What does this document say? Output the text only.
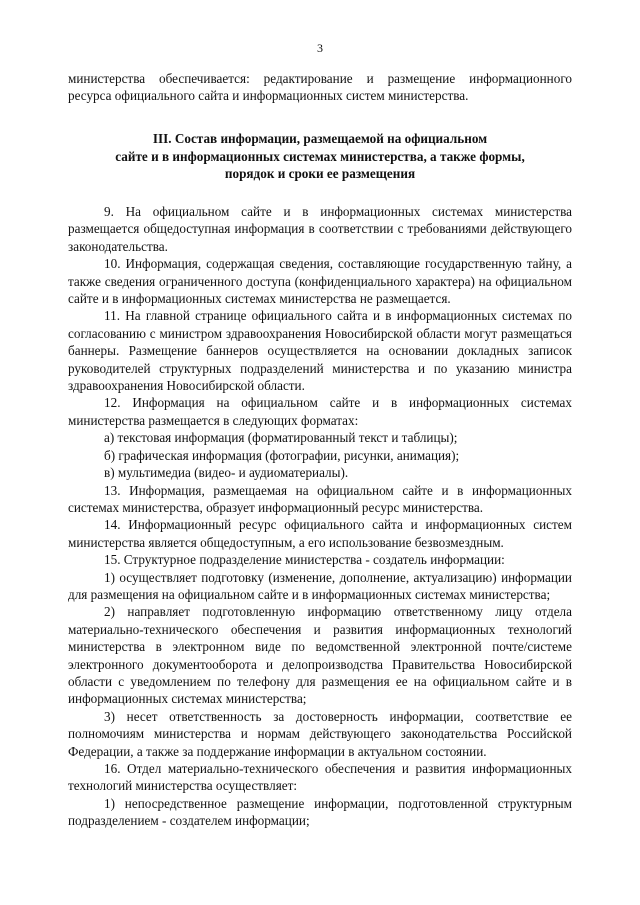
3

министерства обеспечивается: редактирование и размещение информационного

ресурса официального сайта и информационных систем министерства.

III. Состав информации, размещаемой на официальном
сайте и в информационных системах министерства, а также формы,
порядок и сроки ее размещения

9. На официальном сайте и в информационных системах министерства размещается общедоступная информация в соответствии с требованиями действующего законодательства.

10. Информация, содержащая сведения, составляющие государственную тайну, а также сведения ограниченного доступа (конфиденциального характера) на официальном сайте и в информационных системах министерства не размещается.

11. На главной странице официального сайта и в информационных системах по согласованию с министром здравоохранения Новосибирской области могут размещаться баннеры. Размещение баннеров осуществляется на основании докладных записок руководителей структурных подразделений министерства и по указанию министра здравоохранения Новосибирской области.

12. Информация на официальном сайте и в информационных системах министерства размещается в следующих форматах:

а) текстовая информация (форматированный текст и таблицы);

б) графическая информация (фотографии, рисунки, анимация);

в) мультимедиа (видео- и аудиоматериалы).

13. Информация, размещаемая на официальном сайте и в информационных системах министерства, образует информационный ресурс министерства.

14. Информационный ресурс официального сайта и информационных систем министерства является общедоступным, а его использование безвозмездным.

15. Структурное подразделение министерства - создатель информации:

1) осуществляет подготовку (изменение, дополнение, актуализацию) информации для размещения на официальном сайте и в информационных системах министерства;

2) направляет подготовленную информацию ответственному лицу отдела материально-технического обеспечения и развития информационных технологий министерства в электронном виде по ведомственной электронной почте/системе электронного документооборота и делопроизводства Правительства Новосибирской области с уведомлением по телефону для размещения ее на официальном сайте и в информационных системах министерства;

3) несет ответственность за достоверность информации, соответствие ее полномочиям министерства и нормам действующего законодательства Российской Федерации, а также за поддержание информации в актуальном состоянии.

16. Отдел материально-технического обеспечения и развития информационных технологий министерства осуществляет:

1) непосредственное размещение информации, подготовленной структурным подразделением - создателем информации;
